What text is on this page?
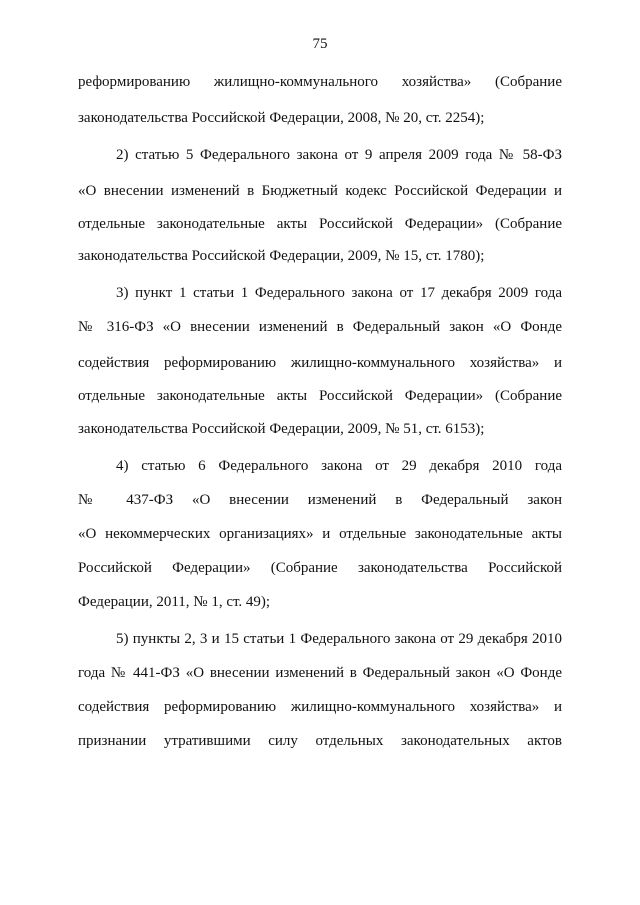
75
реформированию жилищно-коммунального хозяйства» (Собрание
законодательства Российской Федерации, 2008, № 20, ст. 2254);
2) статью 5 Федерального закона от 9 апреля 2009 года № 58-ФЗ
«О внесении изменений в Бюджетный кодекс Российской Федерации и
отдельные законодательные акты Российской Федерации» (Собрание
законодательства Российской Федерации, 2009, № 15, ст. 1780);
3) пункт 1 статьи 1 Федерального закона от 17 декабря 2009 года
№ 316-ФЗ «О внесении изменений в Федеральный закон «О Фонде
содействия реформированию жилищно-коммунального хозяйства» и
отдельные законодательные акты Российской Федерации» (Собрание
законодательства Российской Федерации, 2009, № 51, ст. 6153);
4) статью 6 Федерального закона от 29 декабря 2010 года
№ 437-ФЗ «О внесении изменений в Федеральный закон
«О некоммерческих организациях» и отдельные законодательные акты
Российской Федерации» (Собрание законодательства Российской
Федерации, 2011, № 1, ст. 49);
5) пункты 2, 3 и 15 статьи 1 Федерального закона от 29 декабря 2010
года № 441-ФЗ «О внесении изменений в Федеральный закон «О Фонде
содействия реформированию жилищно-коммунального хозяйства» и
признании утратившими силу отдельных законодательных актов
